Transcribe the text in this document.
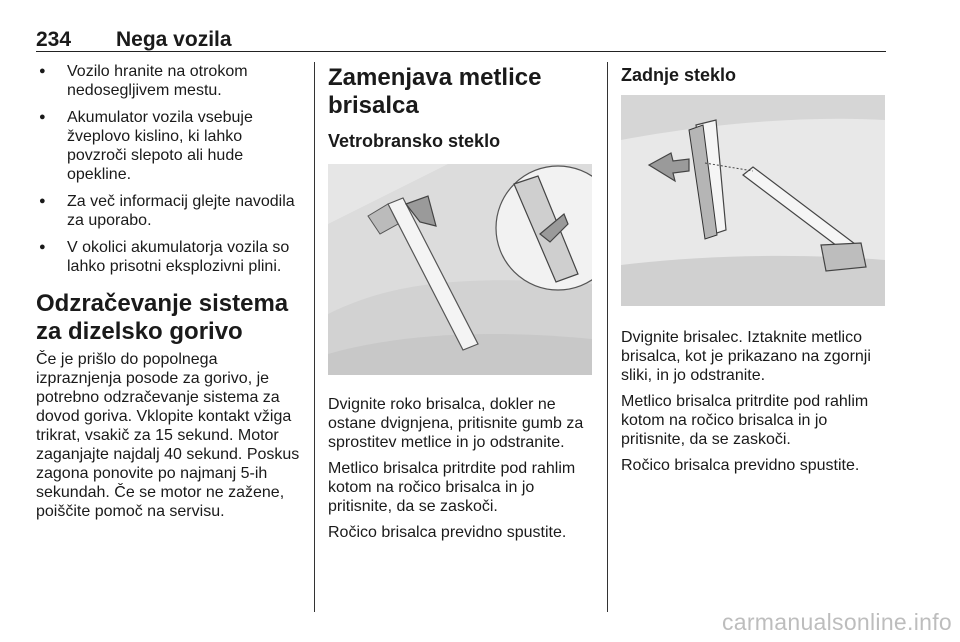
234 Nega vozila
● Vozilo hranite na otrokom nedosegljivem mestu.
● Akumulator vozila vsebuje žveplovo kislino, ki lahko povzroči slepoto ali hude opekline.
● Za več informacij glejte navodila za uporabo.
● V okolici akumulatorja vozila so lahko prisotni eksplozivni plini.
Odzračevanje sistema za dizelsko gorivo

Če je prišlo do popolnega izpraznjenja posode za gorivo, je potrebno odzračevanje sistema za dovod goriva. Vklopite kontakt vžiga trikrat, vsakič za 15 sekund. Motor zaganjajte najdalj 40 sekund. Poskus zagona ponovite po najmanj 5-ih sekundah. Če se motor ne zažene, poiščite pomoč na servisu.

Zamenjava metlice brisalca
Vetrobransko steklo

Dvignite roko brisalca, dokler ne ostane dvignjena, pritisnite gumb za sprostitev metlice in jo odstranite.

Metlico brisalca pritrdite pod rahlim kotom na ročico brisalca in jo pritisnite, da se zaskoči.

Ročico brisalca previdno spustite.

Zadnje steklo

Dvignite brisalec. Iztaknite metlico brisalca, kot je prikazano na zgornji sliki, in jo odstranite.

Metlico brisalca pritrdite pod rahlim kotom na ročico brisalca in jo pritisnite, da se zaskoči.

Ročico brisalca previdno spustite.

carmanualsonline.info
